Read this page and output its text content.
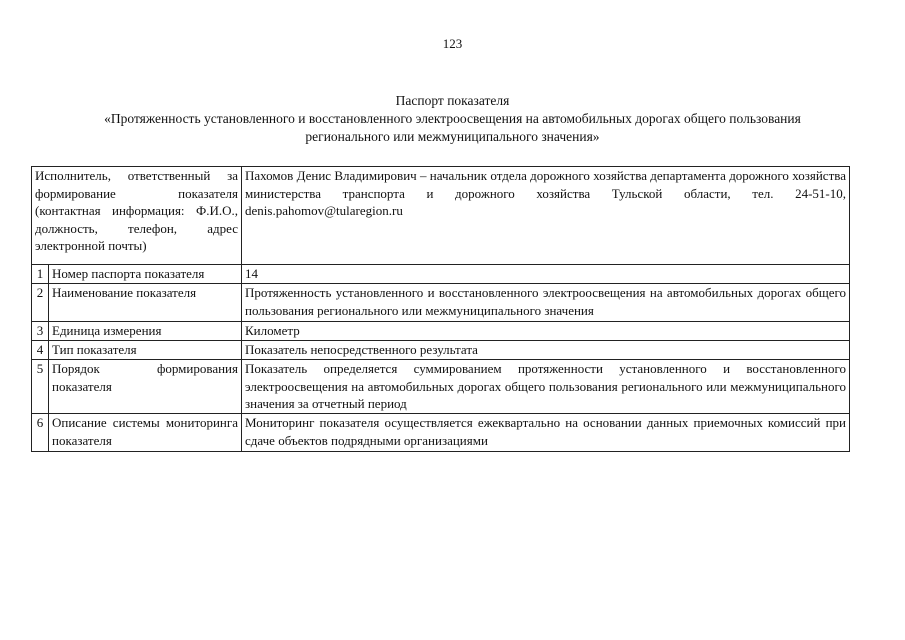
123
Паспорт показателя
«Протяженность установленного и восстановленного электроосвещения на автомобильных дорогах общего пользования
регионального или межмуниципального значения»
Исполнитель, ответственный за формирование показателя (контактная информация: Ф.И.О., должность, телефон, адрес электронной почты)		Пахомов Денис Владимирович – начальник отдела дорожного хозяйства департамента дорожного хозяйства министерства транспорта и дорожного хозяйства Тульской области, тел. 24-51-10, denis.pahomov@tularegion.ru
1	Номер паспорта показателя	14
2	Наименование показателя	Протяженность установленного и восстановленного электроосвещения на автомобильных дорогах общего пользования регионального или межмуниципального значения
3	Единица измерения	Километр
4	Тип показателя	Показатель непосредственного результата
5	Порядок формирования показателя	Показатель определяется суммированием протяженности установленного и восстановленного электроосвещения на автомобильных дорогах общего пользования регионального или межмуниципального значения за отчетный период
6	Описание системы мониторинга показателя	Мониторинг показателя осуществляется ежеквартально на основании данных приемочных комиссий при сдаче объектов подрядными организациями
